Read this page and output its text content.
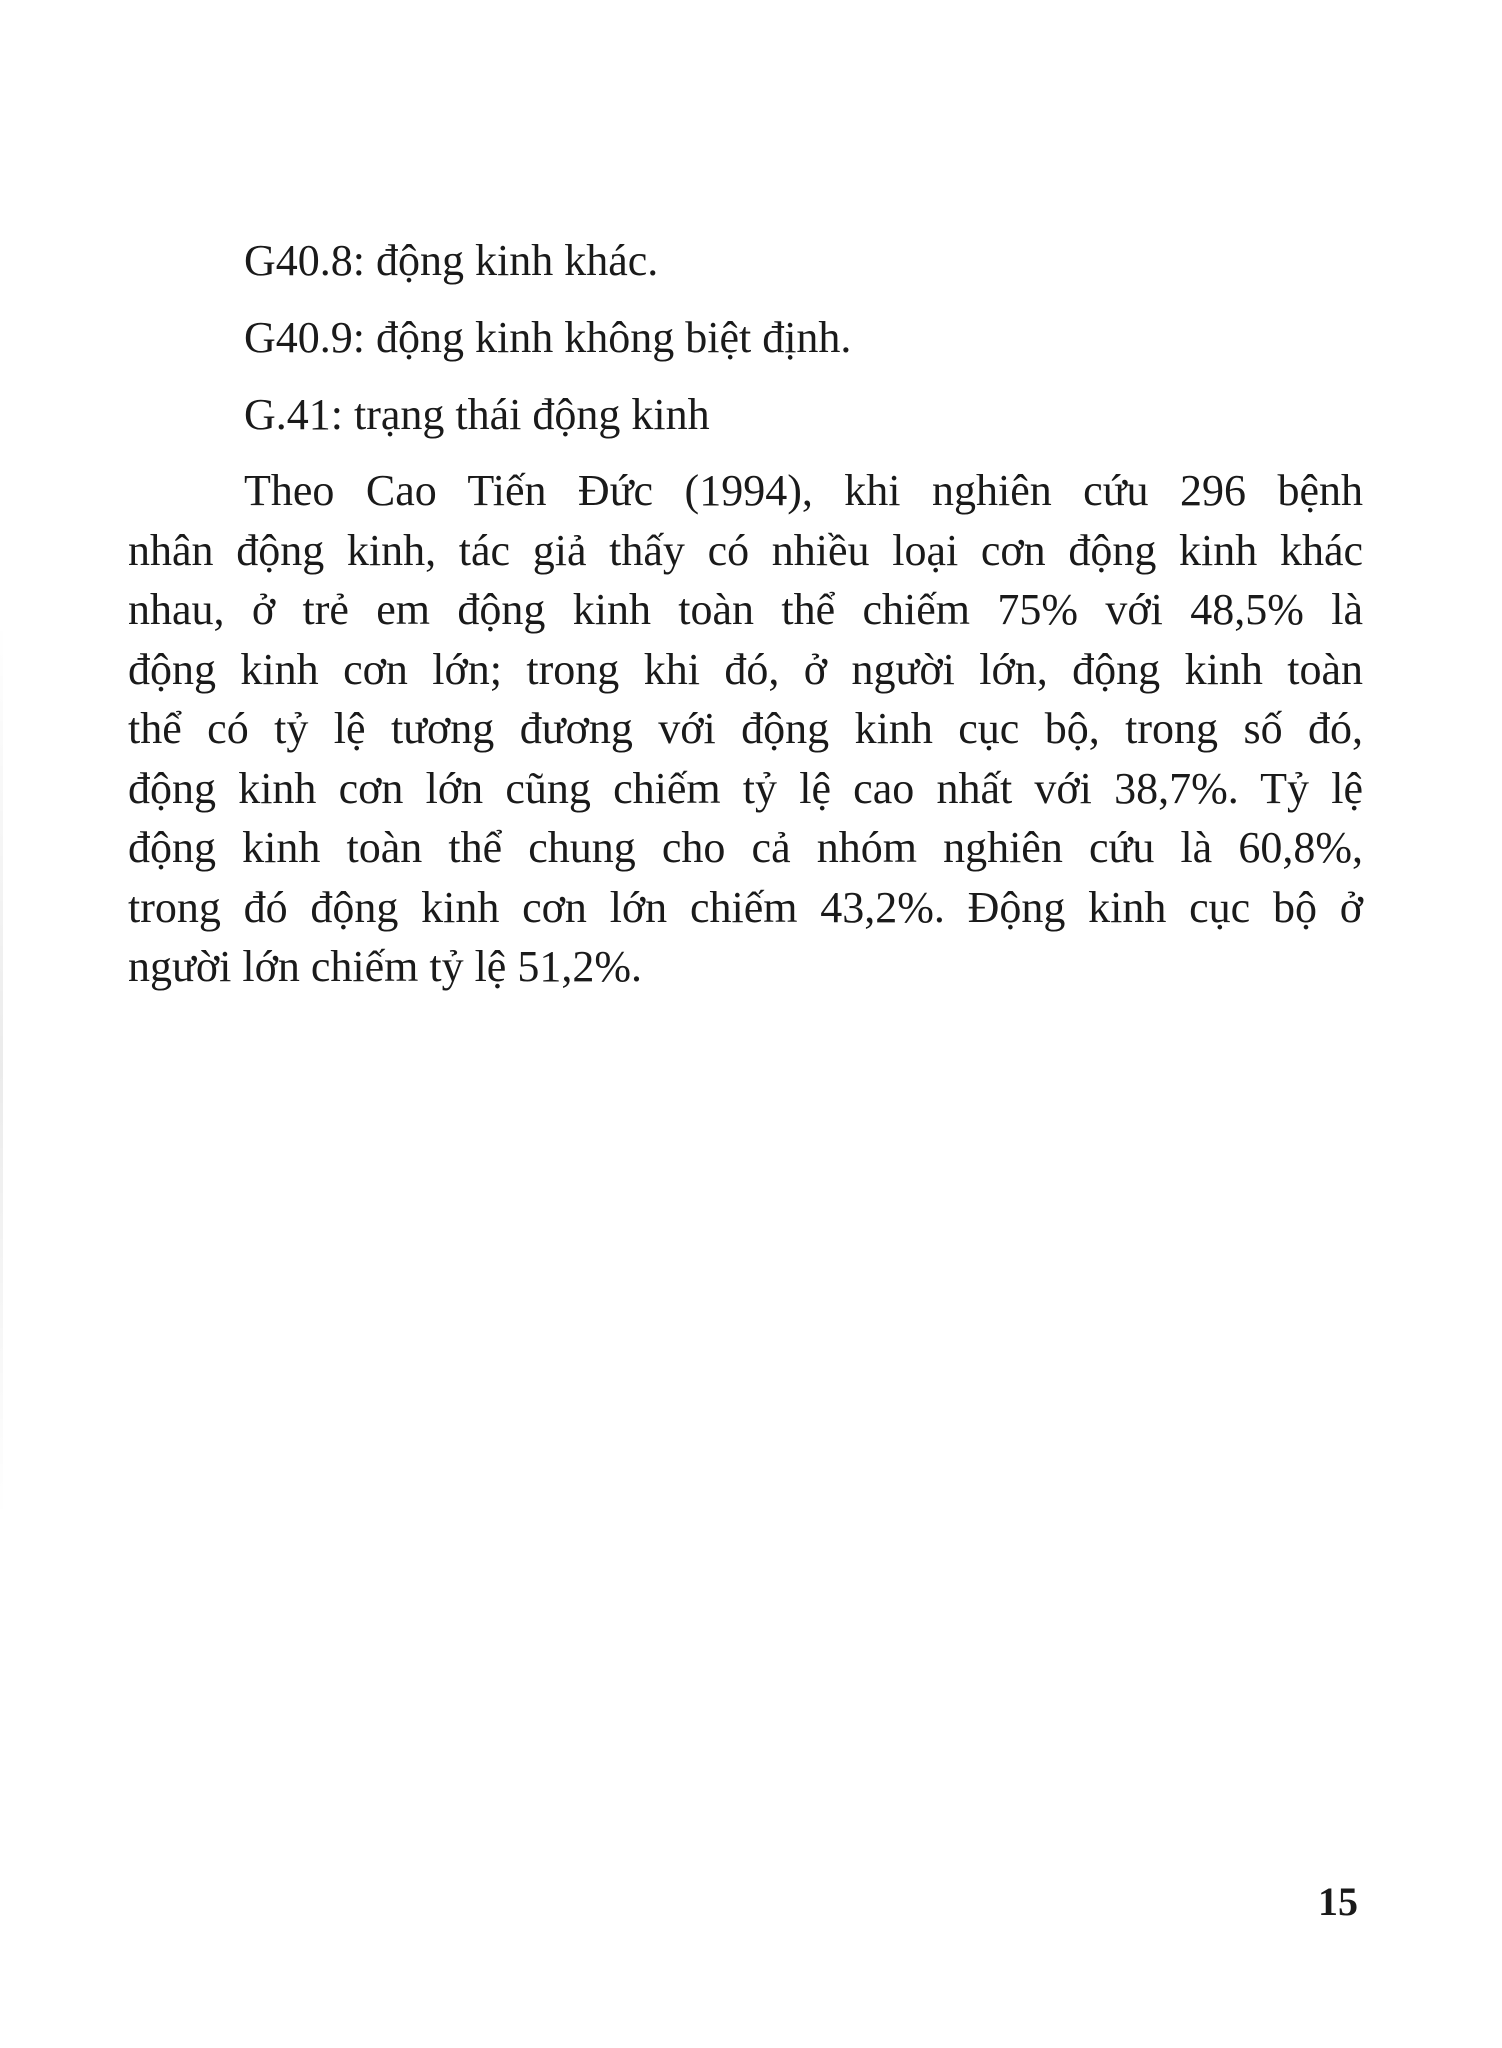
G40.8: động kinh khác.
G40.9: động kinh không biệt định.
G.41: trạng thái động kinh
Theo Cao Tiến Đức (1994), khi nghiên cứu 296 bệnh
nhân động kinh, tác giả thấy có nhiều loại cơn động kinh khác
nhau, ở trẻ em động kinh toàn thể chiếm 75% với 48,5% là
động kinh cơn lớn; trong khi đó, ở người lớn, động kinh toàn
thể có tỷ lệ tương đương với động kinh cục bộ, trong số đó,
động kinh cơn lớn cũng chiếm tỷ lệ cao nhất với 38,7%. Tỷ lệ
động kinh toàn thể chung cho cả nhóm nghiên cứu là 60,8%,
trong đó động kinh cơn lớn chiếm 43,2%. Động kinh cục bộ ở
người lớn chiếm tỷ lệ 51,2%.
15
